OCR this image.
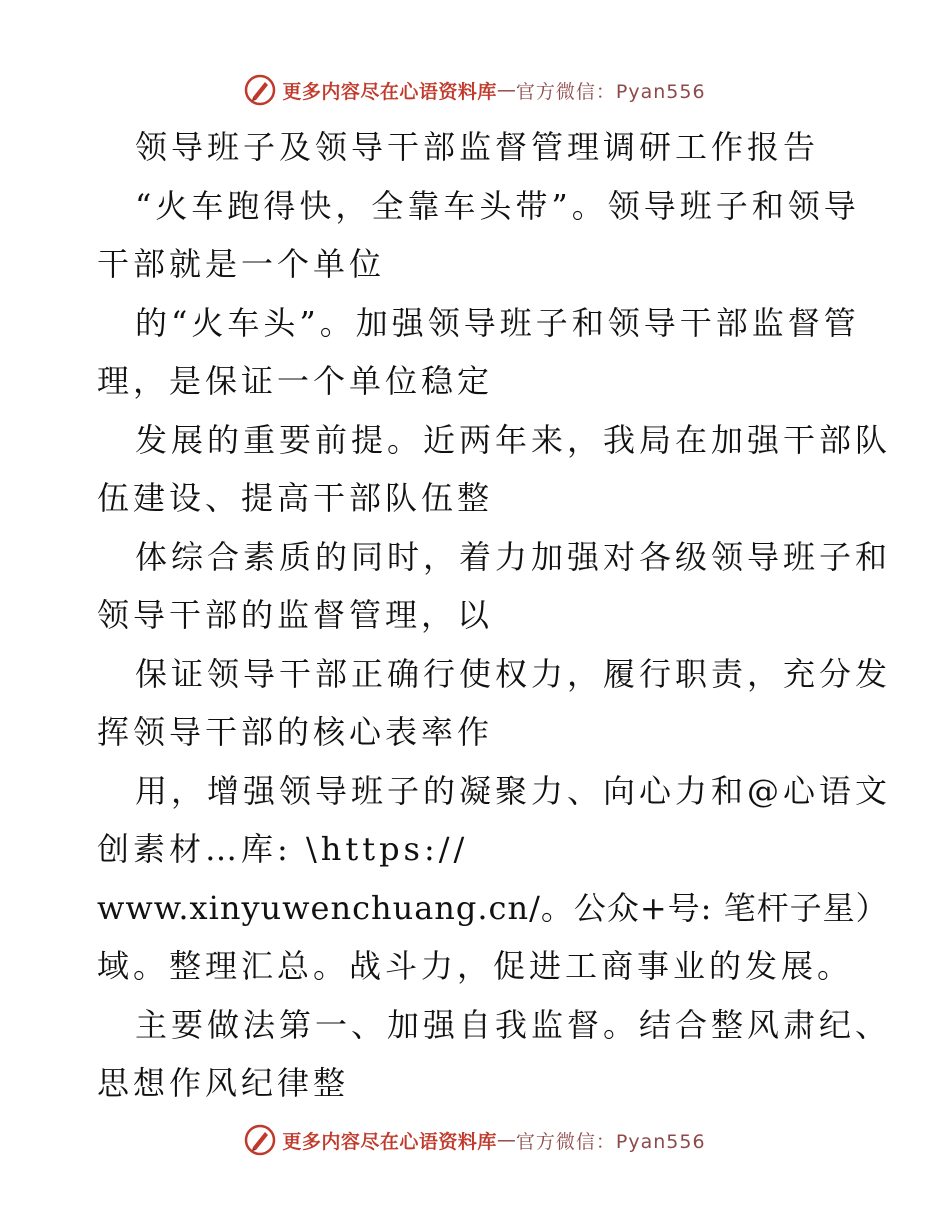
更多内容尽在心语资料库 — 官方微信：Pyan556
领导班子及领导干部监督管理调研工作报告
“火车跑得快，全靠车头带”。领导班子和领导
干部就是一个单位
的“火车头”。加强领导班子和领导干部监督管
理，是保证一个单位稳定
发展的重要前提。近两年来，我局在加强干部队
伍建设、提高干部队伍整
体综合素质的同时，着力加强对各级领导班子和
领导干部的监督管理，以
保证领导干部正确行使权力，履行职责，充分发
挥领导干部的核心表率作
用，增强领导班子的凝聚力、向心力和@心语文
创素材…库: \https://
www.xinyuwenchuang.cn/。公众+号: 笔杆子星）
域。整理汇总。战斗力，促进工商事业的发展。
主要做法第一、加强自我监督。结合整风肃纪、
思想作风纪律整
更多内容尽在心语资料库 — 官方微信：Pyan556
